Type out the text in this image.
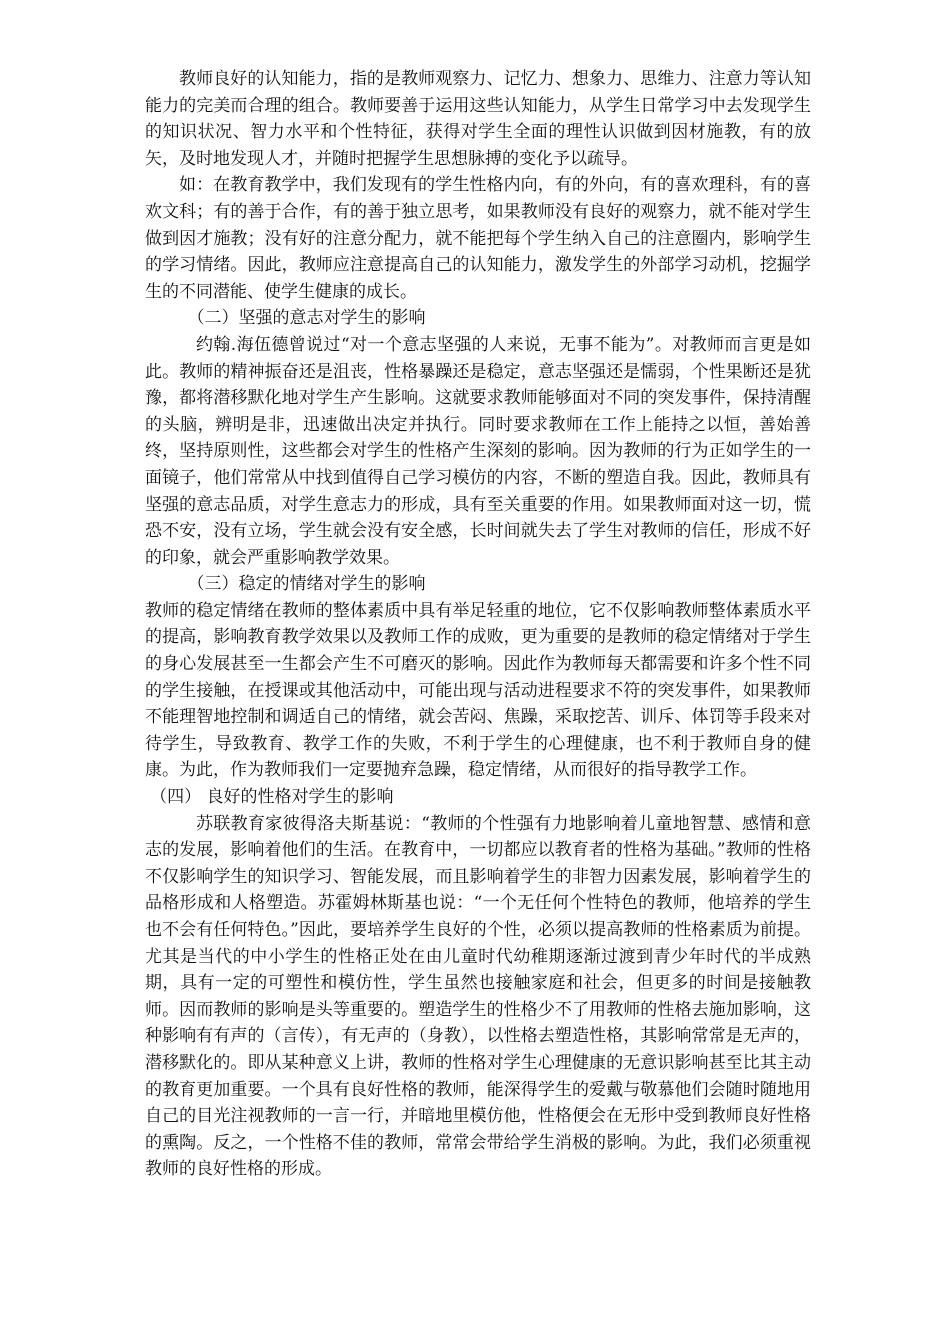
教师良好的认知能力，指的是教师观察力、记忆力、想象力、思维力、注意力等认知能力的完美而合理的组合。教师要善于运用这些认知能力，从学生日常学习中去发现学生的知识状况、智力水平和个性特征，获得对学生全面的理性认识做到因材施教，有的放矢，及时地发现人才，并随时把握学生思想脉搏的变化予以疏导。

如：在教育教学中，我们发现有的学生性格内向，有的外向，有的喜欢理科，有的喜欢文科；有的善于合作，有的善于独立思考，如果教师没有良好的观察力，就不能对学生做到因才施教；没有好的注意分配力，就不能把每个学生纳入自己的注意圈内，影响学生的学习情绪。因此，教师应注意提高自己的认知能力，激发学生的外部学习动机，挖掘学生的不同潜能、使学生健康的成长。

（二）坚强的意志对学生的影响

约翰.海伍德曾说过“对一个意志坚强的人来说，无事不能为”。对教师而言更是如此。教师的精神振奋还是沮丧，性格暴躁还是稳定，意志坚强还是懦弱，个性果断还是犹豫，都将潜移默化地对学生产生影响。这就要求教师能够面对不同的突发事件，保持清醒的头脑，辨明是非，迅速做出决定并执行。同时要求教师在工作上能持之以恒，善始善终，坚持原则性，这些都会对学生的性格产生深刻的影响。因为教师的行为正如学生的一面镜子，他们常常从中找到值得自己学习模仿的内容，不断的塑造自我。因此，教师具有坚强的意志品质，对学生意志力的形成，具有至关重要的作用。如果教师面对这一切，慌恐不安，没有立场，学生就会没有安全感，长时间就失去了学生对教师的信任，形成不好的印象，就会严重影响教学效果。

（三）稳定的情绪对学生的影响

教师的稳定情绪在教师的整体素质中具有举足轻重的地位，它不仅影响教师整体素质水平的提高，影响教育教学效果以及教师工作的成败，更为重要的是教师的稳定情绪对于学生的身心发展甚至一生都会产生不可磨灭的影响。因此作为教师每天都需要和许多个性不同的学生接触，在授课或其他活动中，可能出现与活动进程要求不符的突发事件，如果教师不能理智地控制和调适自己的情绪，就会苦闷、焦躁，采取挖苦、训斥、体罚等手段来对待学生，导致教育、教学工作的失败，不利于学生的心理健康，也不利于教师自身的健康。为此，作为教师我们一定要抛弃急躁，稳定情绪，从而很好的指导教学工作。

（四） 良好的性格对学生的影响

苏联教育家彼得洛夫斯基说：“教师的个性强有力地影响着儿童地智慧、感情和意志的发展，影响着他们的生活。在教育中，一切都应以教育者的性格为基础。”教师的性格不仅影响学生的知识学习、智能发展，而且影响着学生的非智力因素发展，影响着学生的品格形成和人格塑造。苏霍姆林斯基也说：“一个无任何个性特色的教师，他培养的学生也不会有任何特色。”因此，要培养学生良好的个性，必须以提高教师的性格素质为前提。尤其是当代的中小学生的性格正处在由儿童时代幼稚期逐渐过渡到青少年时代的半成熟期，具有一定的可塑性和模仿性，学生虽然也接触家庭和社会，但更多的时间是接触教师。因而教师的影响是头等重要的。塑造学生的性格少不了用教师的性格去施加影响，这种影响有有声的（言传），有无声的（身教），以性格去塑造性格，其影响常常是无声的，潜移默化的。即从某种意义上讲，教师的性格对学生心理健康的无意识影响甚至比其主动的教育更加重要。一个具有良好性格的教师，能深得学生的爱戴与敬慕他们会随时随地用自己的目光注视教师的一言一行，并暗地里模仿他，性格便会在无形中受到教师良好性格的熏陶。反之，一个性格不佳的教师，常常会带给学生消极的影响。为此，我们必须重视教师的良好性格的形成。
